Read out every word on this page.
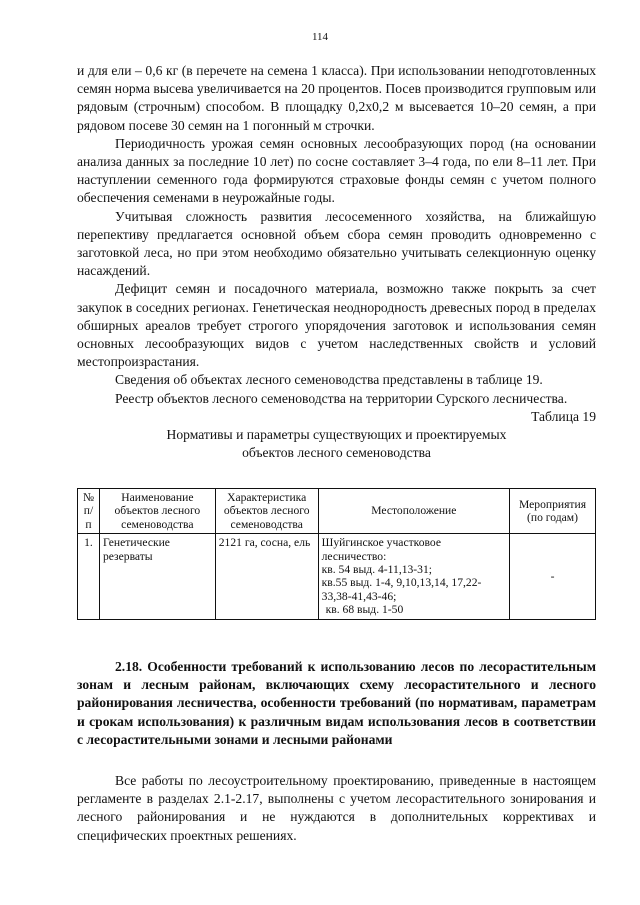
114

и для ели – 0,6 кг (в перечете на семена 1 класса). При использовании неподготовленных семян норма высева увеличивается на 20 процентов. Посев производится групповым или рядовым (строчным) способом. В площадку 0,2х0,2 м высевается 10–20 семян, а при рядовом посеве 30 семян на 1 погонный м строчки.

Периодичность урожая семян основных лесообразующих пород (на основании анализа данных за последние 10 лет) по сосне составляет 3–4 года, по ели 8–11 лет. При наступлении семенного года формируются страховые фонды семян с учетом полного обеспечения семенами в неурожайные годы.

Учитывая сложность развития лесосеменного хозяйства, на ближайшую перепективу предлагается основной объем сбора семян проводить одновременно с заготовкой леса, но при этом необходимо обязательно учитывать селекционную оценку насаждений.

Дефицит семян и посадочного материала, возможно также покрыть за счет закупок в соседних регионах. Генетическая неоднородность древесных пород в пределах обширных ареалов требует строгого упорядочения заготовок и использования семян основных лесообразующих видов с учетом наследственных свойств и условий местопроизрастания.

Сведения об объектах лесного семеноводства представлены в таблице 19.

Реестр объектов лесного семеноводства на территории Сурского лесничества.

Таблица 19

Нормативы и параметры существующих и проектируемых объектов лесного семеноводства

№ п/п	Наименование объектов лесного семеноводства	Характеристика объектов лесного семеноводства	Местоположение	Мероприятия (по годам)
1.	Генетические резерваты	2121 га, сосна, ель	Шуйгинское участковое лесничество:
кв. 54 выд. 4-11,13-31;
кв.55 выд. 1-4, 9,10,13,14, 17,22-33,38-41,43-46;
кв. 68 выд. 1-50	-

2.18. Особенности требований к использованию лесов по лесорастительным зонам и лесным районам, включающих схему лесорастительного и лесного районирования лесничества, особенности требований (по нормативам, параметрам и срокам использования) к различным видам использования лесов в соответствии с лесорастительными зонами и лесными районами

Все работы по лесоустроительному проектированию, приведенные в настоящем регламенте в разделах 2.1-2.17, выполнены с учетом лесорастительного зонирования и лесного районирования и не нуждаются в дополнительных коррективах и специфических проектных решениях.
